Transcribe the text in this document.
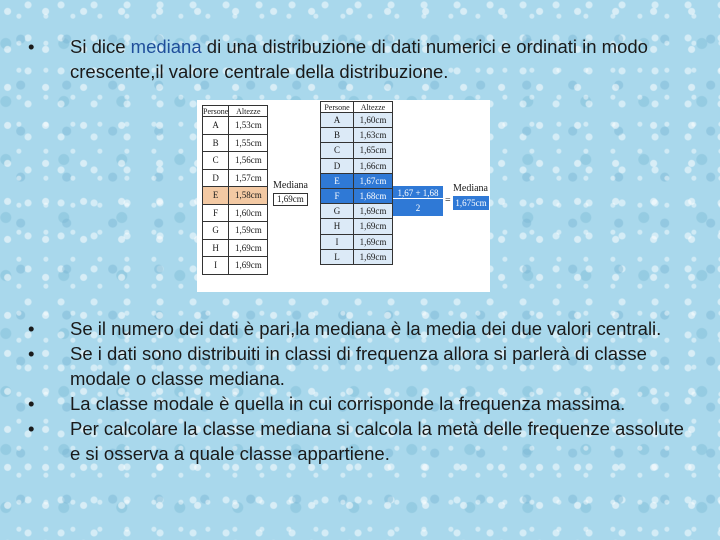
• Si dice mediana di una distribuzione di dati numerici e ordinati in modo crescente,il valore centrale della distribuzione.
Persone	Altezze
A	1,53cm
B	1,55cm
C	1,56cm
D	1,57cm
E	1,58cm
F	1,60cm
G	1,59cm
H	1,69cm
I	1,69cm
Mediana
1,69cm
Persone	Altezze
A	1,60cm
B	1,63cm
C	1,65cm
D	1,66cm
E	1,67cm
F	1,68cm
G	1,69cm
H	1,69cm
I	1,69cm
L	1,69cm
$\frac{1,67 + 1,68}{2}$ =
Mediana
1,675cm
• Se il numero dei dati è pari,la mediana è la media dei due valori centrali.
• Se i dati sono distribuiti in classi di frequenza allora si parlerà di classe modale o classe mediana.
• La classe modale è quella in cui corrisponde la frequenza massima.
• Per calcolare la classe mediana si calcola la metà delle frequenze assolute e si osserva a quale classe appartiene.
